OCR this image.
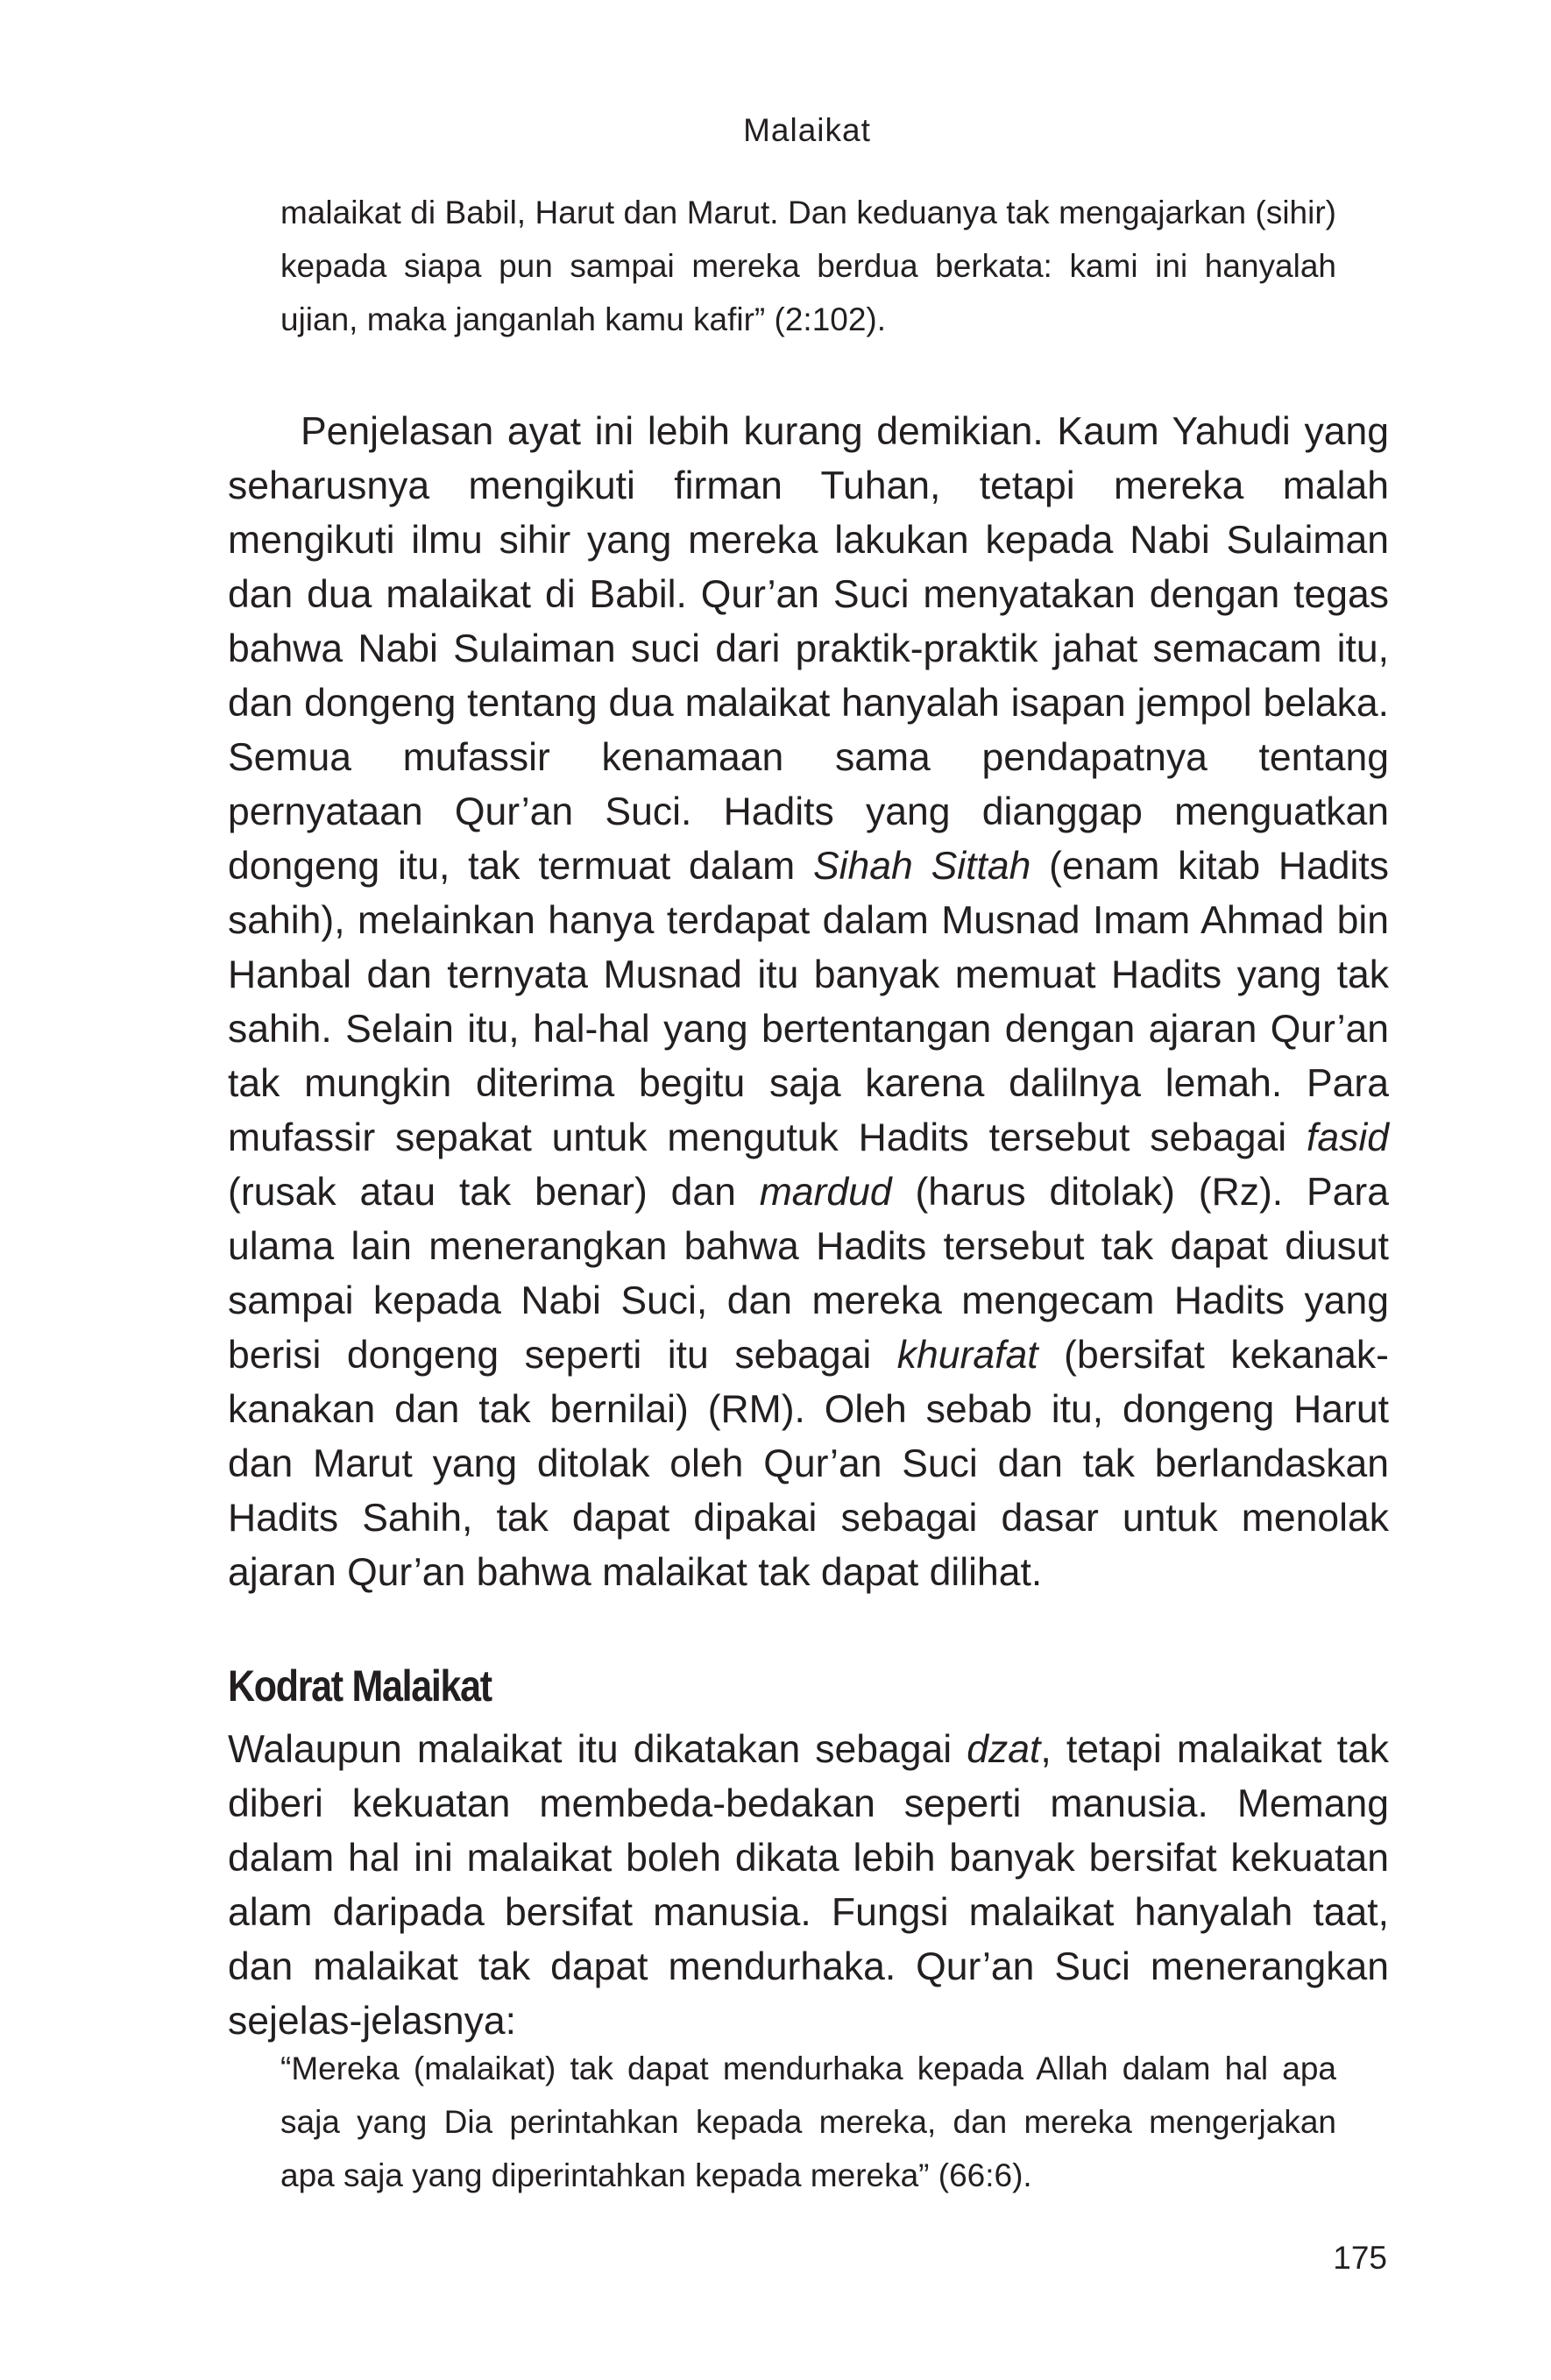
Malaikat

malaikat di Babil, Harut dan Marut. Dan keduanya tak mengajarkan (sihir) kepada siapa pun sampai mereka berdua berkata: kami ini hanyalah ujian, maka janganlah kamu kafir” (2:102).

Penjelasan ayat ini lebih kurang demikian. Kaum Yahudi yang seharusnya mengikuti firman Tuhan, tetapi mereka malah mengikuti ilmu sihir yang mereka lakukan kepada Nabi Sulaiman dan dua malaikat di Babil. Qur’an Suci menyatakan dengan tegas bahwa Nabi Sulaiman suci dari praktik-praktik jahat semacam itu, dan dongeng tentang dua malaikat hanyalah isapan jempol belaka. Semua mufassir kenamaan sama pendapatnya tentang pernyataan Qur’an Suci. Hadits yang dianggap menguatkan dongeng itu, tak termuat dalam Sihah Sittah (enam kitab Hadits sahih), melainkan hanya terdapat dalam Musnad Imam Ahmad bin Hanbal dan ternyata Musnad itu banyak memuat Hadits yang tak sahih. Selain itu, hal-hal yang bertentangan dengan ajaran Qur’an tak mungkin diterima begitu saja karena dalilnya lemah. Para mufassir sepakat untuk mengutuk Hadits tersebut sebagai fasid (rusak atau tak benar) dan mardud (harus ditolak) (Rz). Para ulama lain menerangkan bahwa Hadits tersebut tak dapat diusut sampai kepada Nabi Suci, dan mereka mengecam Hadits yang berisi dongeng seperti itu sebagai khurafat (bersifat kekanak-kanakan dan tak bernilai) (RM). Oleh sebab itu, dongeng Harut dan Marut yang ditolak oleh Qur’an Suci dan tak berlandaskan Hadits Sahih, tak dapat dipakai sebagai dasar untuk menolak ajaran Qur’an bahwa malaikat tak dapat dilihat.

Kodrat Malaikat

Walaupun malaikat itu dikatakan sebagai dzat, tetapi malaikat tak diberi kekuatan membeda-bedakan seperti manusia. Memang dalam hal ini malaikat boleh dikata lebih banyak bersifat kekuatan alam daripada bersifat manusia. Fungsi malaikat hanyalah taat, dan malaikat tak dapat mendurhaka. Qur’an Suci menerangkan sejelas-jelasnya:

“Mereka (malaikat) tak dapat mendurhaka kepada Allah dalam hal apa saja yang Dia perintahkan kepada mereka, dan mereka mengerjakan apa saja yang diperintahkan kepada mereka” (66:6).

175
